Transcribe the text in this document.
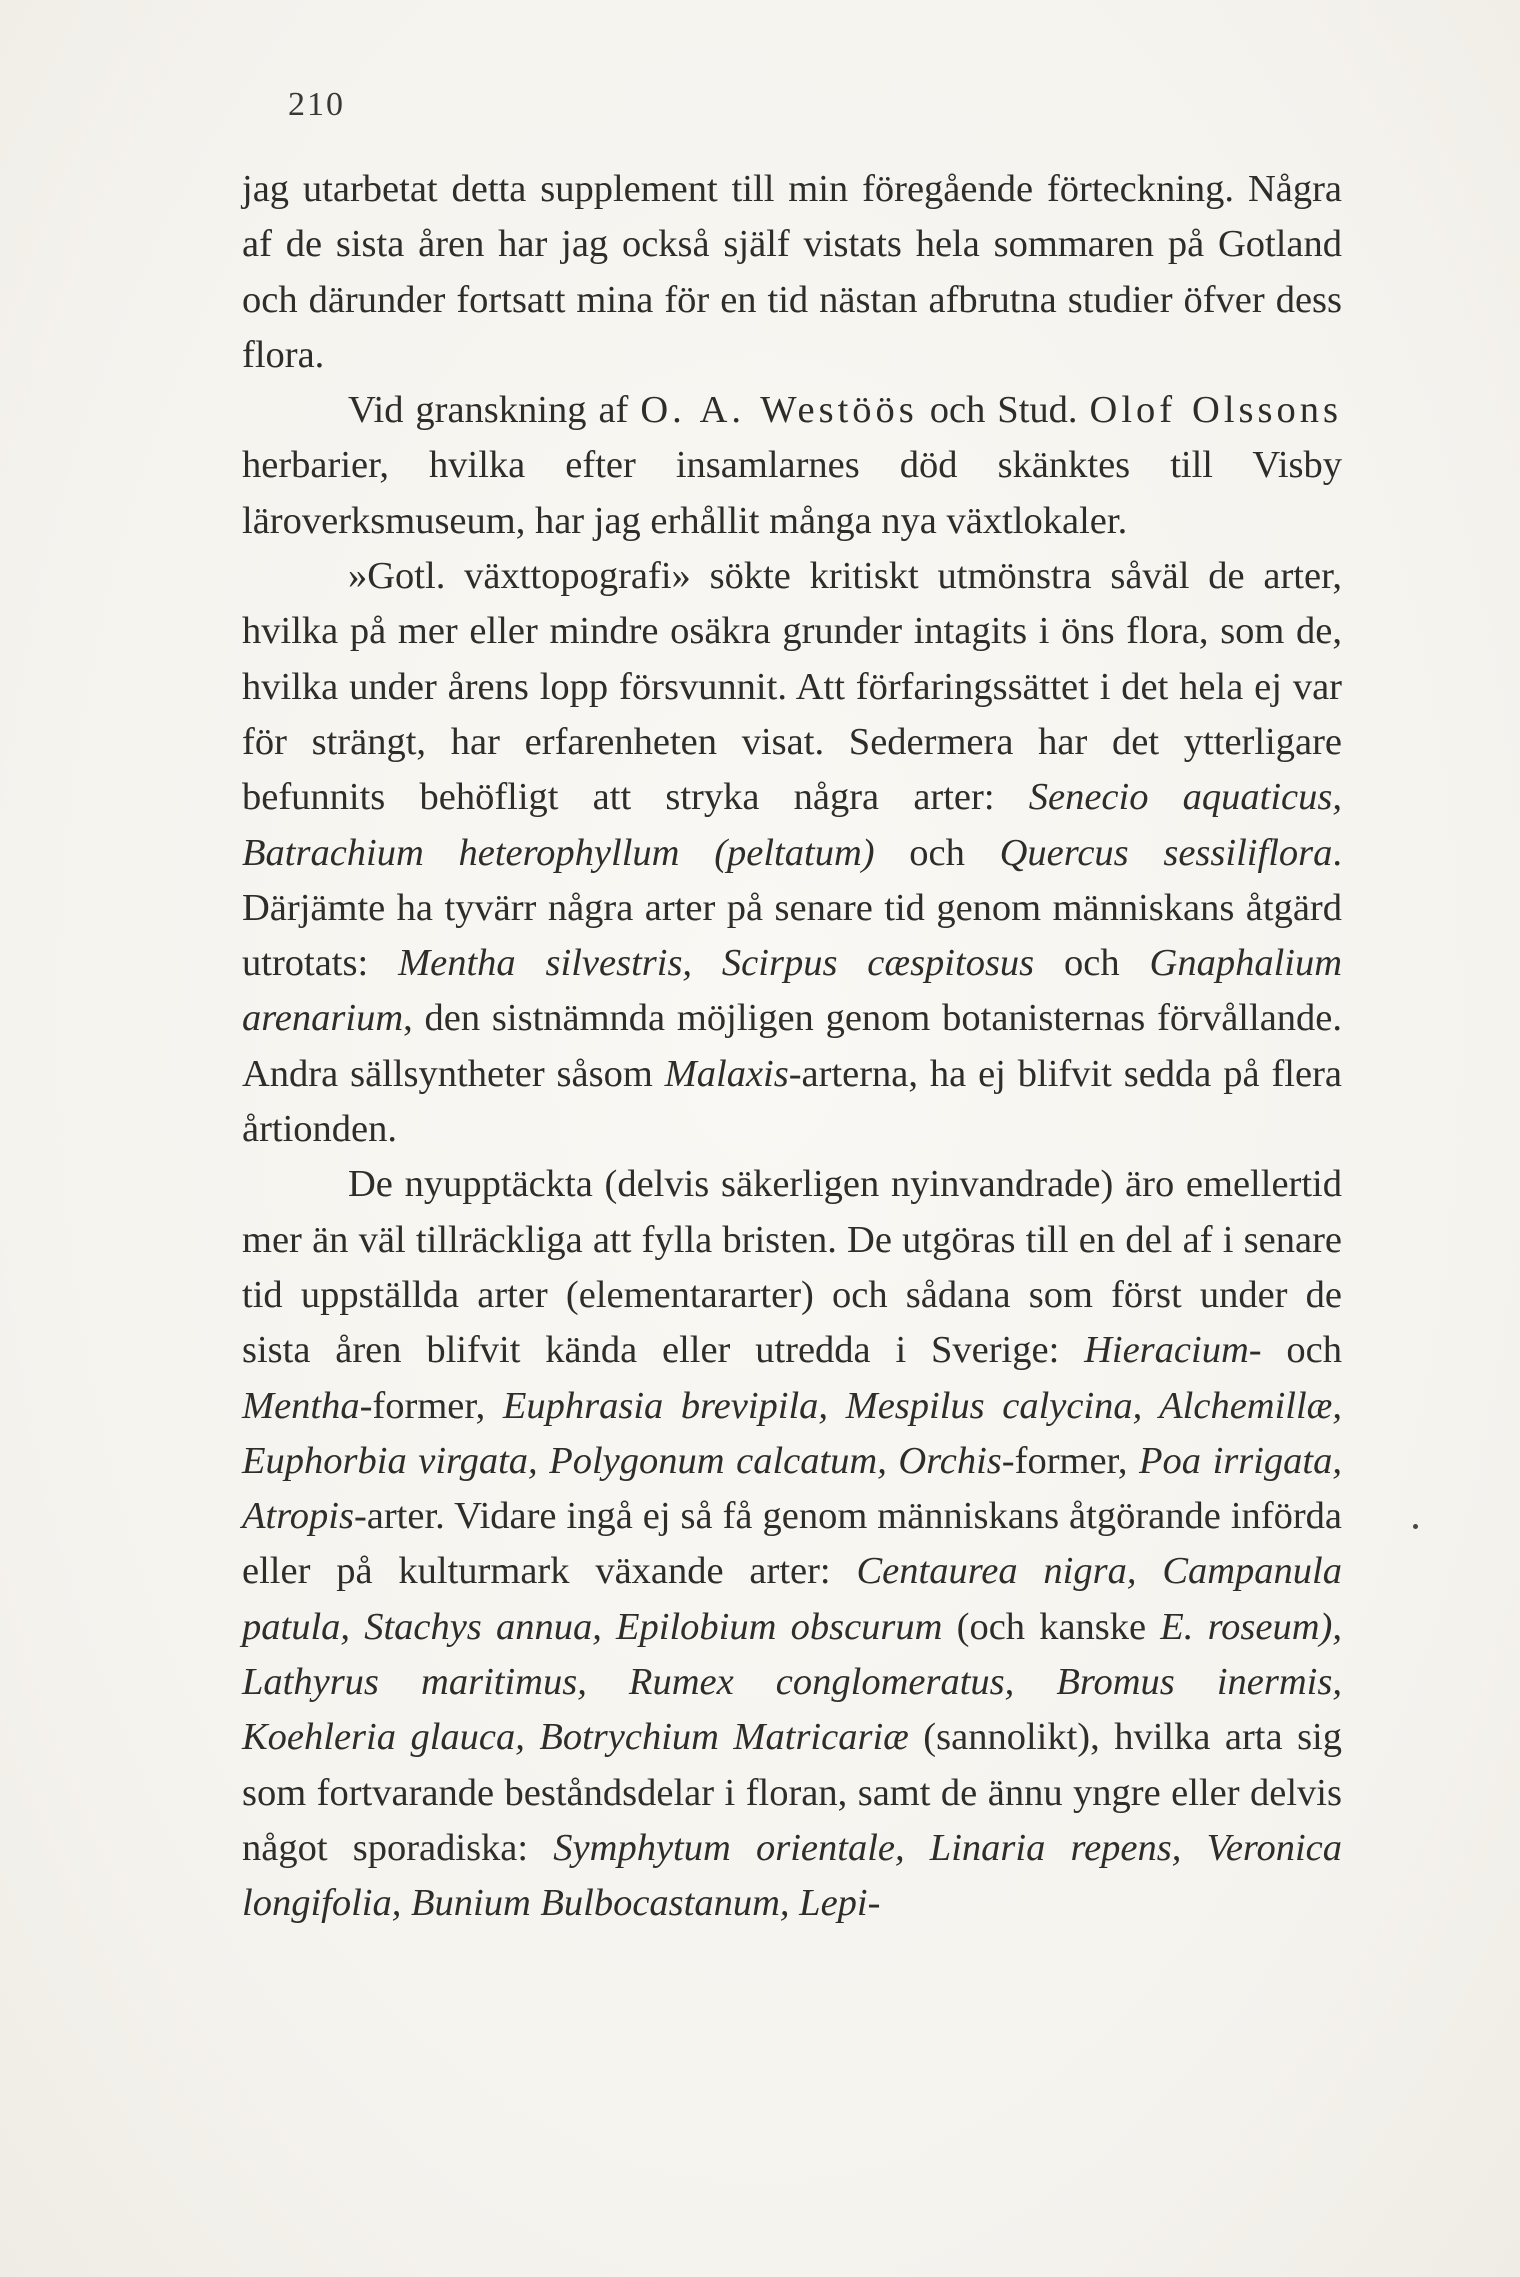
210

jag utarbetat detta supplement till min föregående förteckning. Några af de sista åren har jag också själf vistats hela sommaren på Gotland och därunder fortsatt mina för en tid nästan afbrutna studier öfver dess flora.

Vid granskning af O. A. Westöös och Stud. Olof Olssons herbarier, hvilka efter insamlarnes död skänktes till Visby läroverksmuseum, har jag erhållit många nya växtlokaler.

»Gotl. växttopografi» sökte kritiskt utmönstra såväl de arter, hvilka på mer eller mindre osäkra grunder intagits i öns flora, som de, hvilka under årens lopp försvunnit. Att förfaringssättet i det hela ej var för strängt, har erfarenheten visat. Sedermera har det ytterligare befunnits behöfligt att stryka några arter: Senecio aquaticus, Batrachium heterophyllum (peltatum) och Quercus sessiliflora. Därjämte ha tyvärr några arter på senare tid genom människans åtgärd utrotats: Mentha silvestris, Scirpus cæspitosus och Gnaphalium arenarium, den sistnämnda möjligen genom botanisternas förvållande. Andra sällsyntheter såsom Malaxis-arterna, ha ej blifvit sedda på flera årtionden.

De nyupptäckta (delvis säkerligen nyinvandrade) äro emellertid mer än väl tillräckliga att fylla bristen. De utgöras till en del af i senare tid uppställda arter (elementararter) och sådana som först under de sista åren blifvit kända eller utredda i Sverige: Hieracium- och Mentha-former, Euphrasia brevipila, Mespilus calycina, Alchemillæ, Euphorbia virgata, Polygonum calcatum, Orchis-former, Poa irrigata, Atropis-arter. Vidare ingå ej så få genom människans åtgörande införda eller på kulturmark växande arter: Centaurea nigra, Campanula patula, Stachys annua, Epilobium obscurum (och kanske E. roseum), Lathyrus maritimus, Rumex conglomeratus, Bromus inermis, Koehleria glauca, Botrychium Matricariæ (sannolikt), hvilka arta sig som fortvarande beståndsdelar i floran, samt de ännu yngre eller delvis något sporadiska: Symphytum orientale, Linaria repens, Veronica longifolia, Bunium Bulbocastanum, Lepi-
